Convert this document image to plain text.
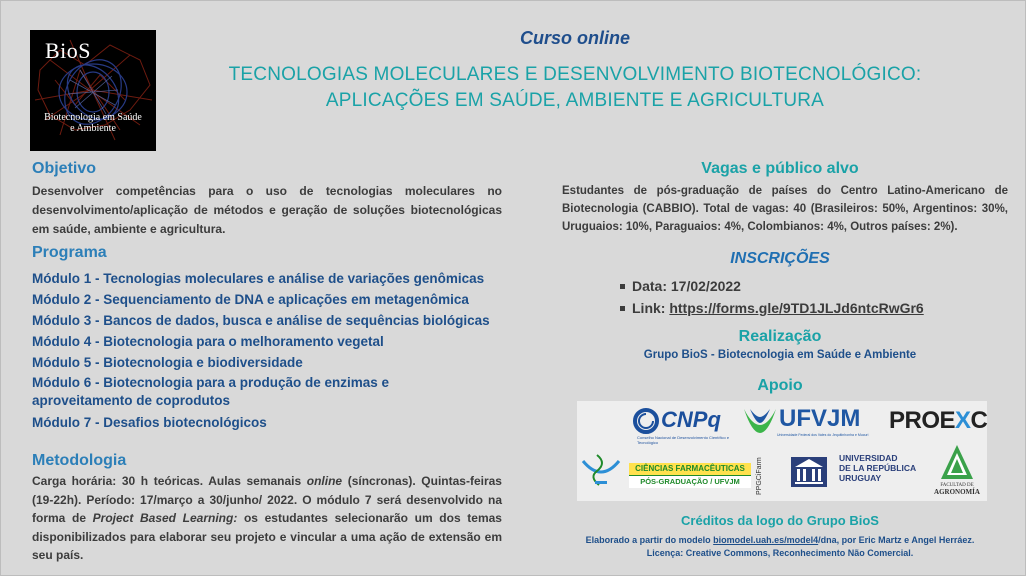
BioS
Biotecnologia em Saúde
e Ambiente
Curso online
TECNOLOGIAS MOLECULARES E DESENVOLVIMENTO BIOTECNOLÓGICO:
APLICAÇÕES EM SAÚDE, AMBIENTE E AGRICULTURA
Objetivo
Desenvolver competências para o uso de tecnologias moleculares no desenvolvimento/aplicação de métodos e geração de soluções biotecnológicas em saúde, ambiente e agricultura.
Programa
Módulo 1 - Tecnologias moleculares e análise de variações genômicas
Módulo 2 - Sequenciamento de DNA e aplicações em metagenômica
Módulo 3 - Bancos de dados, busca e análise de sequências biológicas
Módulo 4 - Biotecnologia para o melhoramento vegetal
Módulo 5 - Biotecnologia e biodiversidade
Módulo 6 - Biotecnologia para a produção de enzimas e aproveitamento de coprodutos
Módulo 7 - Desafios biotecnológicos
Metodologia
Carga horária: 30 h teóricas. Aulas semanais online (síncronas). Quintas-feiras (19-22h). Período: 17/março a 30/junho/ 2022. O módulo 7 será desenvolvido na forma de Project Based Learning: os estudantes selecionarão um dos temas disponibilizados para elaborar seu projeto e vincular a uma ação de extensão em seu país.
Vagas e público alvo
Estudantes de pós-graduação de países do Centro Latino-Americano de Biotecnologia (CABBIO). Total de vagas: 40 (Brasileiros: 50%, Argentinos: 30%, Uruguaios: 10%, Paraguaios: 4%, Colombianos: 4%, Outros países: 2%).
INSCRIÇÕES
Data: 17/02/2022
Link: https://forms.gle/9TD1JLJd6ntcRwGr6
Realização
Grupo BioS - Biotecnologia em Saúde e Ambiente
Apoio
CNPq
Conselho Nacional de Desenvolvimento Científico e Tecnológico
UFVJM
Universidade Federal dos Vales do Jequitinhonha e Mucuri
PROEXC
CIÊNCIAS FARMACÊUTICAS
PÓS-GRADUAÇÃO / UFVJM	PPGCiFarm	UNIVERSIDAD
DE LA REPÚBLICA
URUGUAY
FACULTAD DE
AGRONOMÍA
Créditos da logo do Grupo BioS
Elaborado a partir do modelo biomodel.uah.es/model4/dna, por Eric Martz e Angel Herráez.
Licença: Creative Commons, Reconhecimento Não Comercial.
